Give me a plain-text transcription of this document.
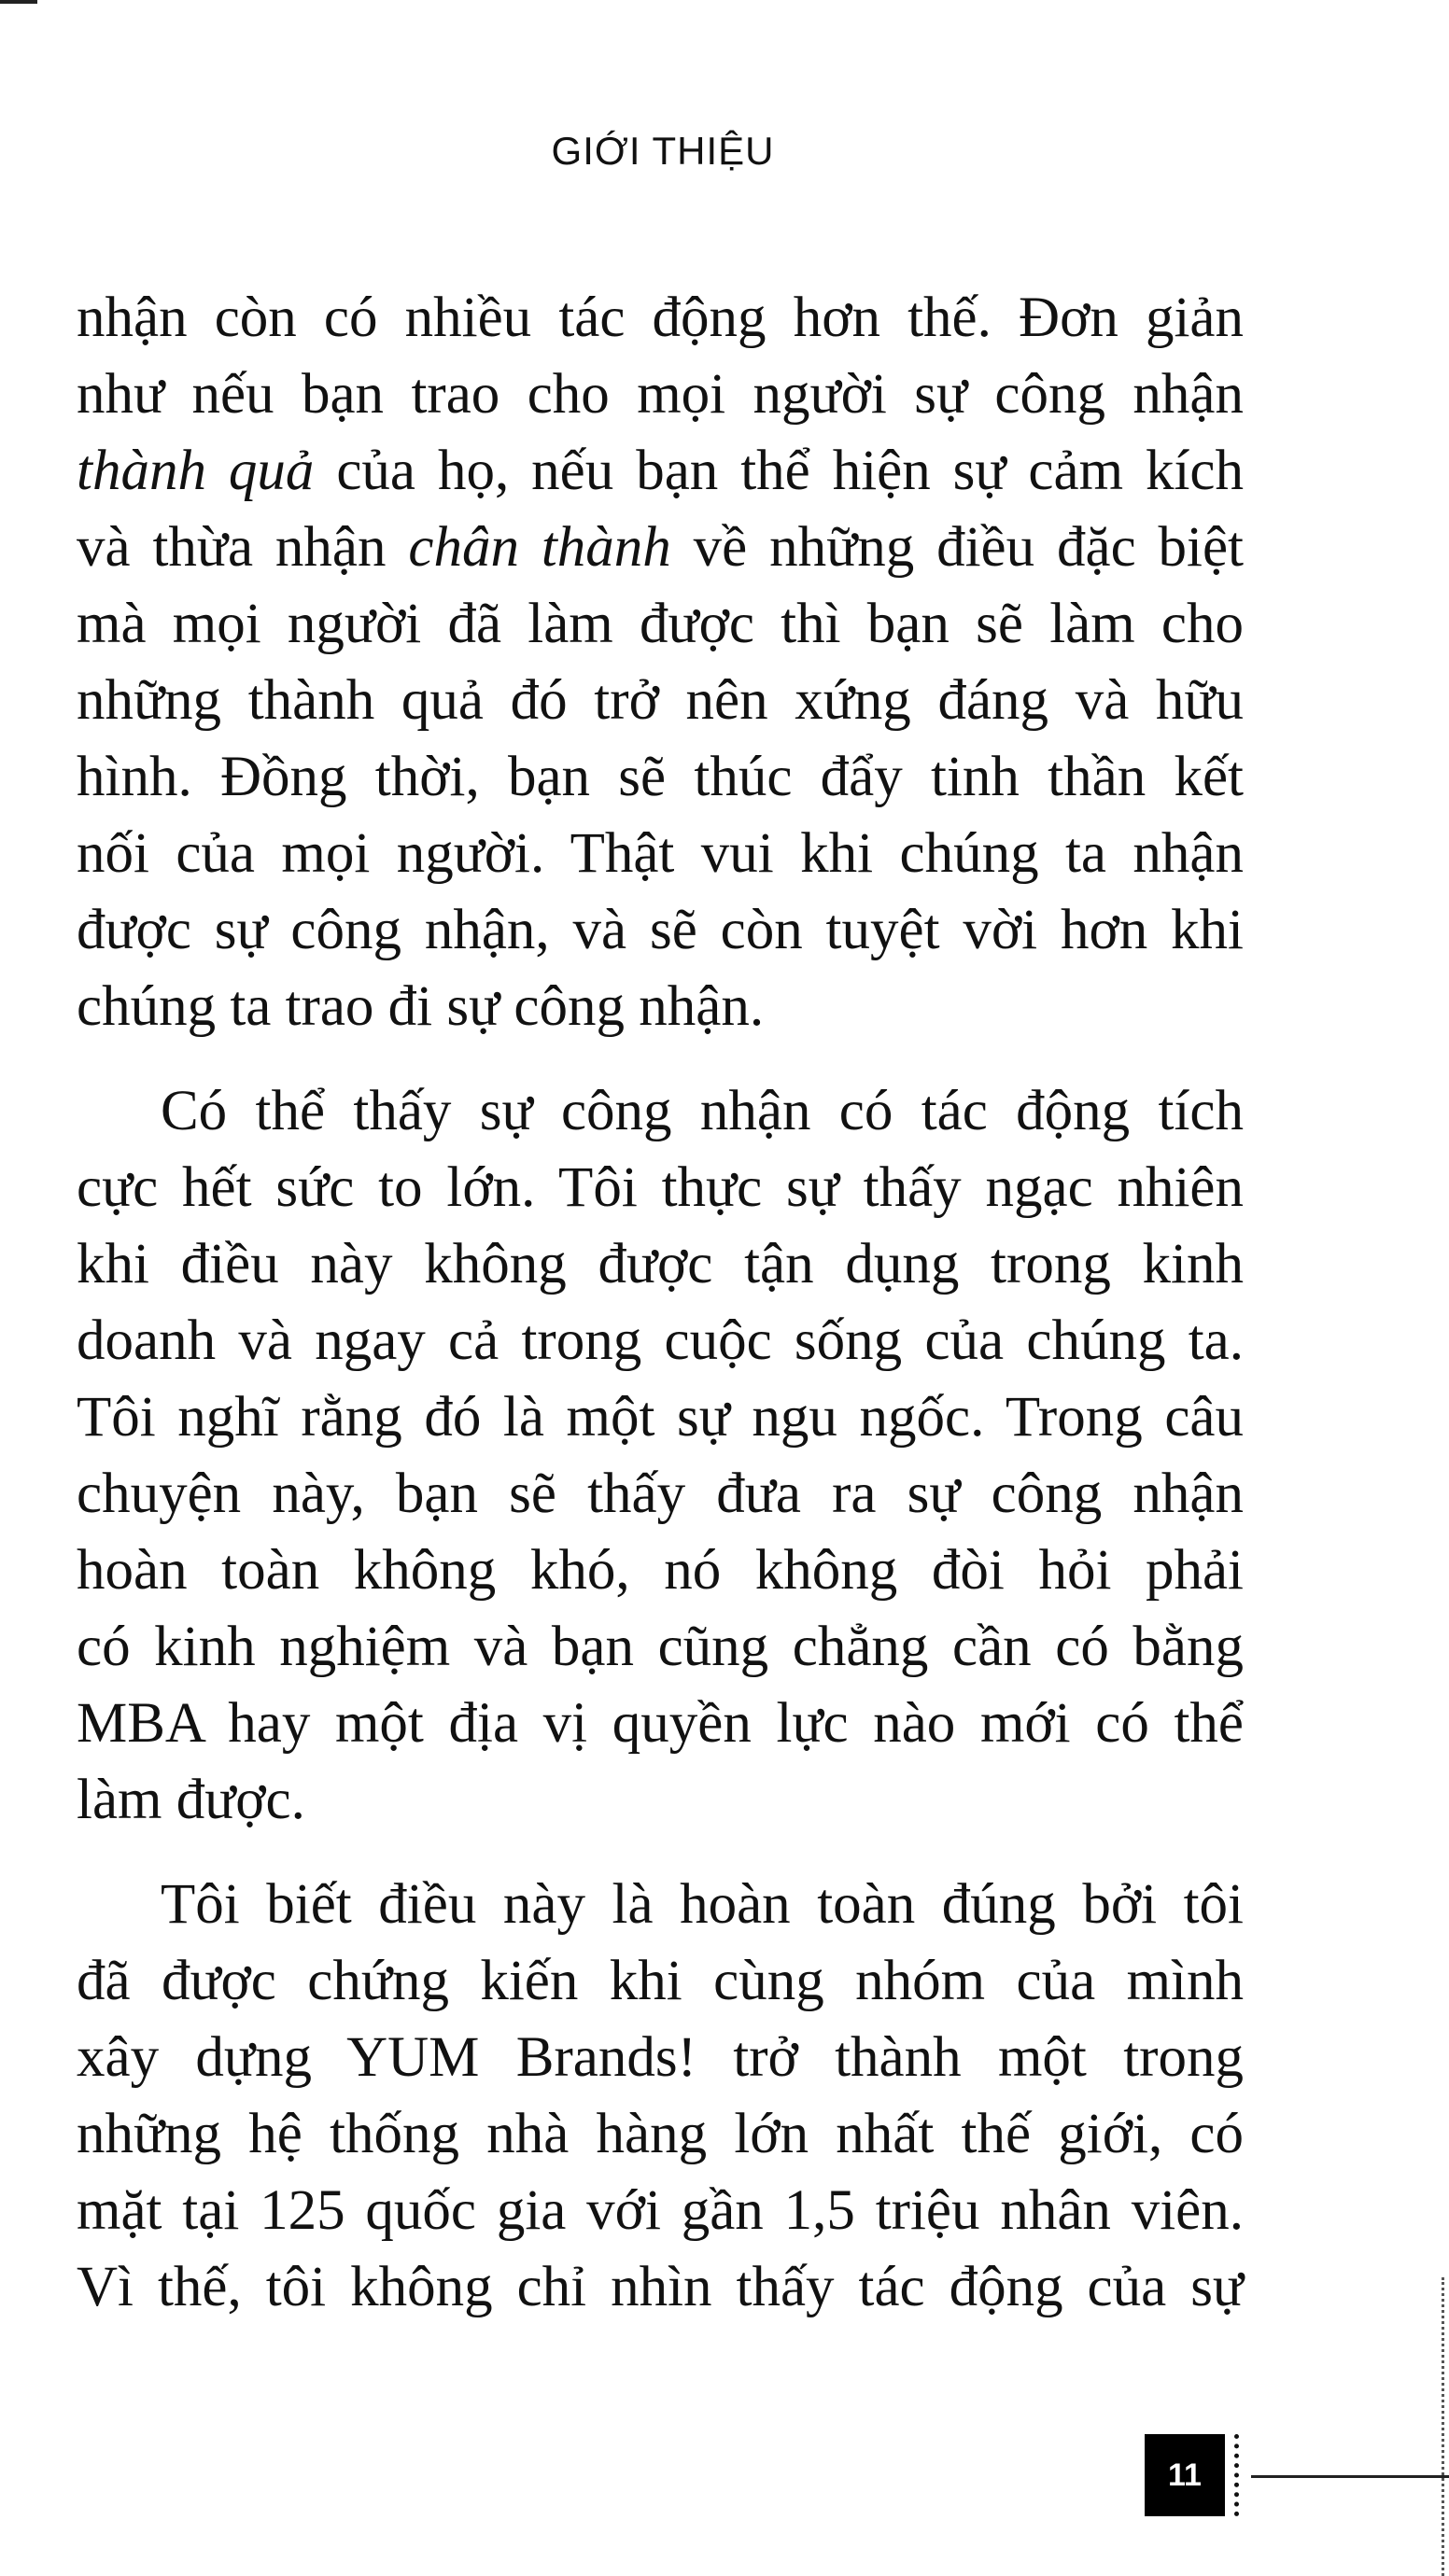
GIỚI THIỆU

nhận còn có nhiều tác động hơn thế. Đơn giản
như nếu bạn trao cho mọi người sự công nhận
thành quả của họ, nếu bạn thể hiện sự cảm kích
và thừa nhận chân thành về những điều đặc biệt
mà mọi người đã làm được thì bạn sẽ làm cho
những thành quả đó trở nên xứng đáng và hữu
hình. Đồng thời, bạn sẽ thúc đẩy tinh thần kết
nối của mọi người. Thật vui khi chúng ta nhận
được sự công nhận, và sẽ còn tuyệt vời hơn khi
chúng ta trao đi sự công nhận.

Có thể thấy sự công nhận có tác động tích
cực hết sức to lớn. Tôi thực sự thấy ngạc nhiên
khi điều này không được tận dụng trong kinh
doanh và ngay cả trong cuộc sống của chúng ta.
Tôi nghĩ rằng đó là một sự ngu ngốc. Trong câu
chuyện này, bạn sẽ thấy đưa ra sự công nhận
hoàn toàn không khó, nó không đòi hỏi phải
có kinh nghiệm và bạn cũng chẳng cần có bằng
MBA hay một địa vị quyền lực nào mới có thể
làm được.

Tôi biết điều này là hoàn toàn đúng bởi tôi
đã được chứng kiến khi cùng nhóm của mình
xây dựng YUM Brands! trở thành một trong
những hệ thống nhà hàng lớn nhất thế giới, có
mặt tại 125 quốc gia với gần 1,5 triệu nhân viên.
Vì thế, tôi không chỉ nhìn thấy tác động của sự

11
